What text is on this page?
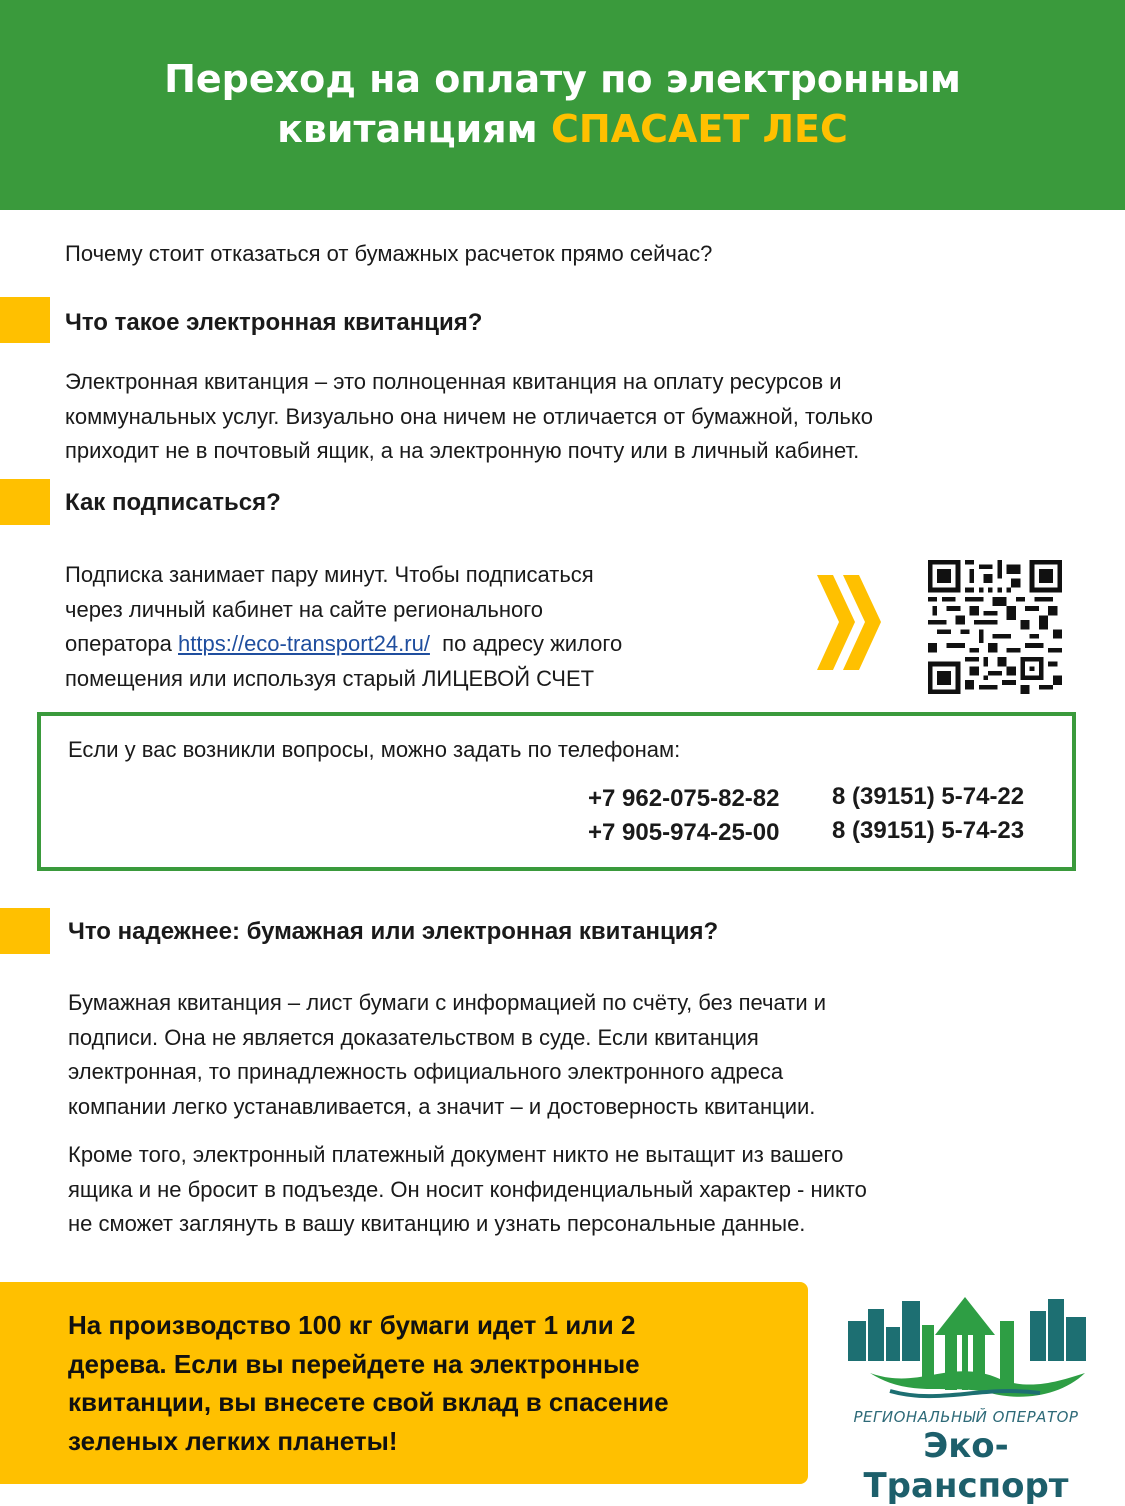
Переход на оплату по электронным
квитанциям СПАСАЕТ ЛЕС
Почему стоит отказаться от бумажных расчеток прямо сейчас?
Что такое электронная квитанция?

Электронная квитанция – это полноценная квитанция на оплату ресурсов и
коммунальных услуг. Визуально она ничем не отличается от бумажной, только
приходит не в почтовый ящик, а на электронную почту или в личный кабинет.

Как подписаться?

Подписка занимает пару минут. Чтобы подписаться
через личный кабинет на сайте регионального
оператора https://eco-transport24.ru/  по адресу жилого
помещения или используя старый ЛИЦЕВОЙ СЧЕТ

Если у вас возникли вопросы, можно задать по телефонам:
+7 962-075-82-82
+7 905-974-25-00
8 (39151) 5-74-22
8 (39151) 5-74-23
Что надежнее: бумажная или электронная квитанция?

Бумажная квитанция – лист бумаги с информацией по счёту, без печати и
подписи. Она не является доказательством в суде. Если квитанция
электронная, то принадлежность официального электронного адреса
компании легко устанавливается, а значит – и достоверность квитанции.

Кроме того, электронный платежный документ никто не вытащит из вашего
ящика и не бросит в подъезде. Он носит конфиденциальный характер - никто
не сможет заглянуть в вашу квитанцию и узнать персональные данные.

На производство 100 кг бумаги идет 1 или 2
дерева. Если вы перейдете на электронные
квитанции, вы внесете свой вклад в спасение
зеленых легких планеты!

РЕГИОНАЛЬНЫЙ ОПЕРАТОР
Эко-Транспорт
